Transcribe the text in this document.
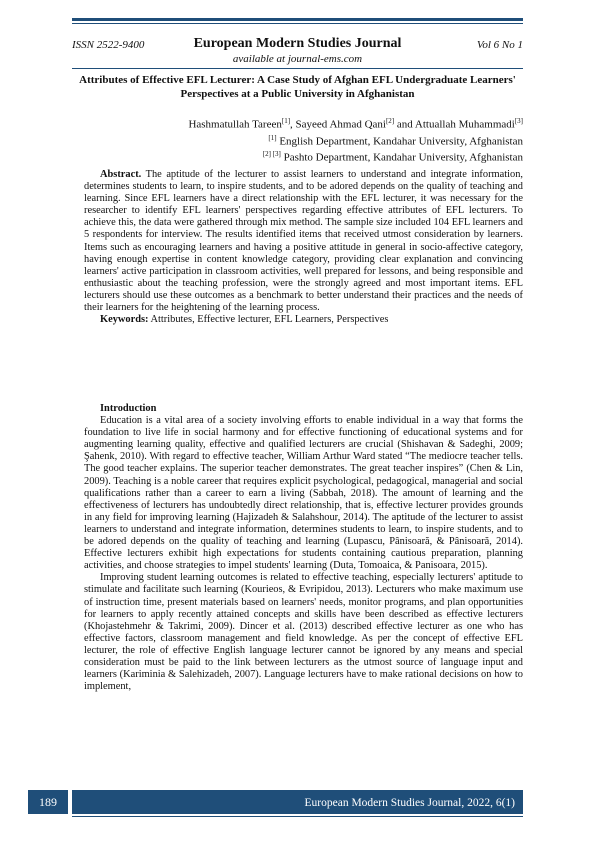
ISSN 2522-9400	European Modern Studies Journal	Vol 6 No 1
available at journal-ems.com
Attributes of Effective EFL Lecturer: A Case Study of Afghan EFL Undergraduate Learners' Perspectives at a Public University in Afghanistan
Hashmatullah Tareen[1], Sayeed Ahmad Qani[2] and Attuallah Muhammadi[3]
[1] English Department, Kandahar University, Afghanistan
[2] [3] Pashto Department, Kandahar University, Afghanistan

Abstract. The aptitude of the lecturer to assist learners to understand and integrate information, determines students to learn, to inspire students, and to be adored depends on the quality of teaching and learning. Since EFL learners have a direct relationship with the EFL lecturer, it was necessary for the researcher to identify EFL learners' perspectives regarding effective attributes of EFL lecturers. To achieve this, the data were gathered through mix method. The sample size included 104 EFL learners and 5 respondents for interview. The results identified items that received utmost consideration by learners. Items such as encouraging learners and having a positive attitude in general in socio-affective category, having enough expertise in content knowledge category, providing clear explanation and convincing learners' active participation in classroom activities, well prepared for lessons, and being responsible and enthusiastic about the teaching profession, were the strongly agreed and most important items. EFL lecturers should use these outcomes as a benchmark to better understand their practices and the needs of their learners for the heightening of the learning process.

Keywords: Attributes, Effective lecturer, EFL Learners, Perspectives

Introduction

Education is a vital area of a society involving efforts to enable individual in a way that forms the foundation to live life in social harmony and for effective functioning of educational systems and for augmenting learning quality, effective and qualified lecturers are crucial (Shishavan & Sadeghi, 2009; Şahenk, 2010). With regard to effective teacher, William Arthur Ward stated “The mediocre teacher tells. The good teacher explains. The superior teacher demonstrates. The great teacher inspires” (Chen & Lin, 2009). Teaching is a noble career that requires explicit psychological, pedagogical, managerial and social qualifications rather than a career to earn a living (Sabbah, 2018). The amount of learning and the effectiveness of lecturers has undoubtedly direct relationship, that is, effective lecturer provides grounds in any field for improving learning (Hajizadeh & Salahshour, 2014). The aptitude of the lecturer to assist learners to understand and integrate information, determines students to learn, to inspire students, and to be adored depends on the quality of teaching and learning (Lupascu, Pânisoară, & Pânisoară, 2014). Effective lecturers exhibit high expectations for students containing cautious preparation, planning activities, and choose strategies to impel students' learning (Duta, Tomoaica, & Panisoara, 2015).

Improving student learning outcomes is related to effective teaching, especially lecturers' aptitude to stimulate and facilitate such learning (Kourieos, & Evripidou, 2013). Lecturers who make maximum use of instruction time, present materials based on learners' needs, monitor programs, and plan opportunities for learners to apply recently attained concepts and skills have been described as effective lecturers (Khojastehmehr & Takrimi, 2009). Dincer et al. (2013) described effective lecturer as one who has effective factors, classroom management and field knowledge. As per the concept of effective EFL lecturer, the role of effective English language lecturer cannot be ignored by any means and special consideration must be paid to the link between lecturers as the utmost source of language input and learners (Kariminia & Salehizadeh, 2007). Language lecturers have to make rational decisions on how to implement,

189	European Modern Studies Journal, 2022, 6(1)
